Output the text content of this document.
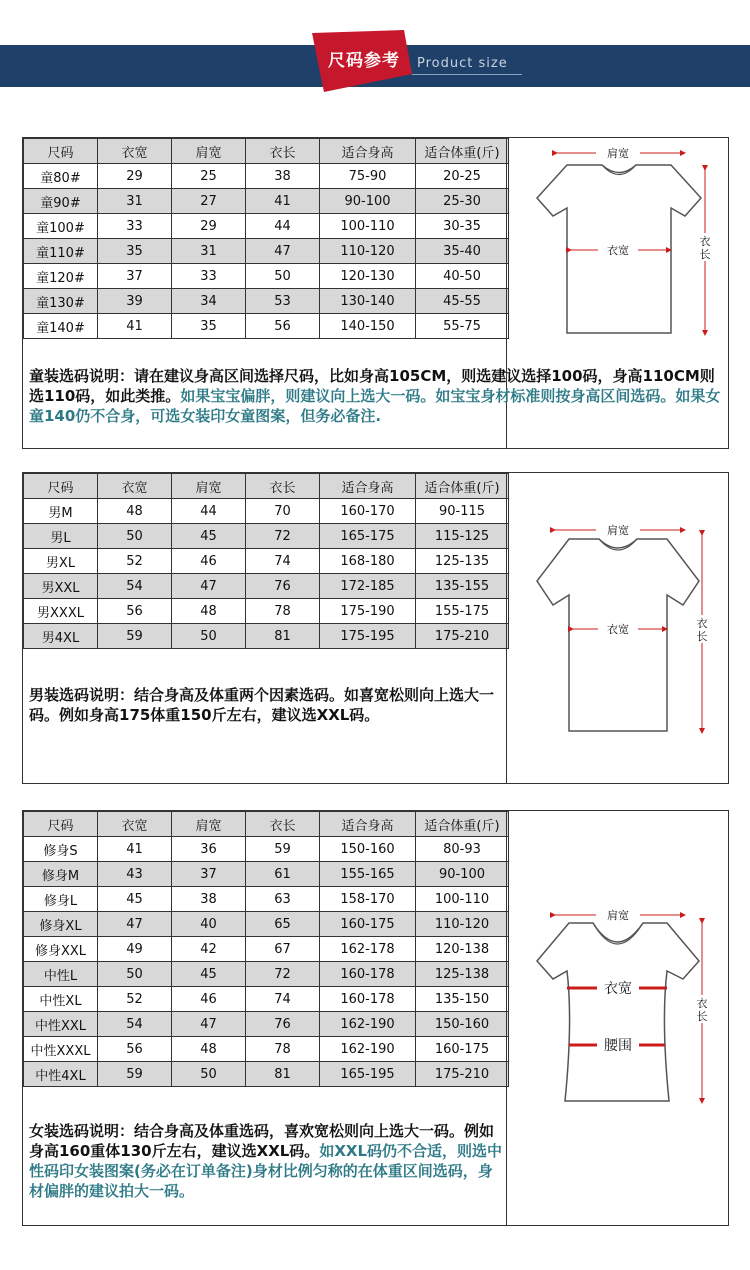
尺码参考	Product size
尺码	衣宽	肩宽	衣长	适合身高	适合体重(斤)
童80#	29	25	38	75-90	20-25
童90#	31	27	41	90-100	25-30
童100#	33	29	44	100-110	30-35
童110#	35	31	47	110-120	35-40
童120#	37	33	50	120-130	40-50
童130#	39	34	53	130-140	45-55
童140#	41	35	56	140-150	55-75
肩宽
衣宽
衣
长
童装选码说明：请在建议身高区间选择尺码，比如身高105CM，则选建议选择100码，身高110CM则选110码，如此类推。如果宝宝偏胖，则建议向上选大一码。如宝宝身材标准则按身高区间选码。如果女童140仍不合身，可选女装印女童图案，但务必备注.
尺码	衣宽	肩宽	衣长	适合身高	适合体重(斤)
男M	48	44	70	160-170	90-115
男L	50	45	72	165-175	115-125
男XL	52	46	74	168-180	125-135
男XXL	54	47	76	172-185	135-155
男XXXL	56	48	78	175-190	155-175
男4XL	59	50	81	175-195	175-210
肩宽
衣宽	衣
长
男装选码说明：结合身高及体重两个因素选码。如喜宽松则向上选大一码。例如身高175体重150斤左右，建议选XXL码。
尺码	衣宽	肩宽	衣长	适合身高	适合体重(斤)
修身S	41	36	59	150-160	80-93
修身M	43	37	61	155-165	90-100
修身L	45	38	63	158-170	100-110
修身XL	47	40	65	160-175	110-120
修身XXL	49	42	67	162-178	120-138
中性L	50	45	72	160-178	125-138
中性XL	52	46	74	160-178	135-150
中性XXL	54	47	76	162-190	150-160
中性XXXL	56	48	78	162-190	160-175
中性4XL	59	50	81	165-195	175-210
肩宽
衣宽
腰围
衣
长
女装选码说明：结合身高及体重选码，喜欢宽松则向上选大一码。例如身高160重体130斤左右，建议选XXL码。如XXL码仍不合适，则选中性码印女装图案(务必在订单备注)身材比例匀称的在体重区间选码，身材偏胖的建议拍大一码。
